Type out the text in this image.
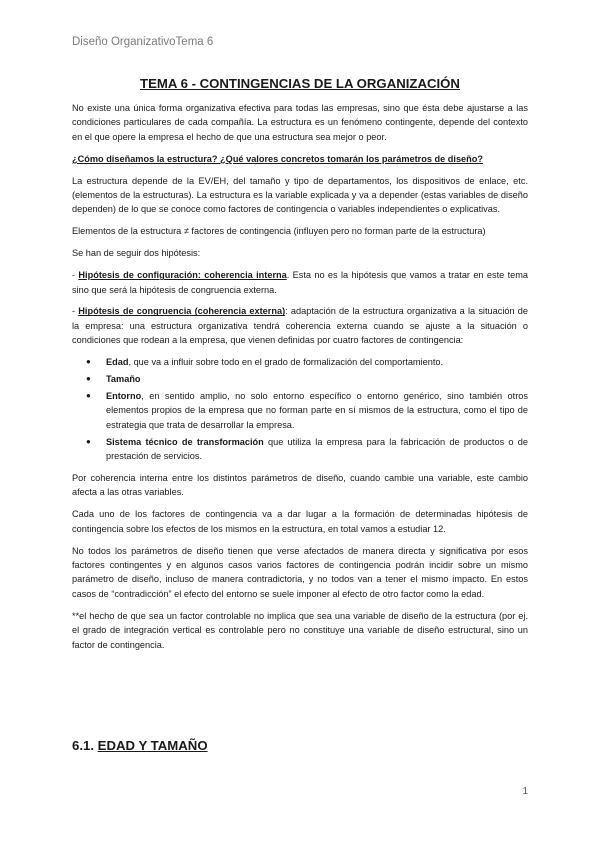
Diseño OrganizativoTema 6
TEMA 6 - CONTINGENCIAS DE LA ORGANIZACIÓN

No existe una única forma organizativa efectiva para todas las empresas, sino que ésta debe ajustarse a las condiciones particulares de cada compañía. La estructura es un fenómeno contingente, depende del contexto en el que opere la empresa el hecho de que una estructura sea mejor o peor.

¿Cómo diseñamos la estructura? ¿Qué valores concretos tomarán los parámetros de diseño?

La estructura depende de la EV/EH, del tamaño y tipo de departamentos, los dispositivos de enlace, etc. (elementos de la estructuras). La estructura es la variable explicada y va a depender (estas variables de diseño dependen) de lo que se conoce como factores de contingencia o variables independientes o explicativas.

Elementos de la estructura ≠ factores de contingencia (influyen pero no forman parte de la estructura)

Se han de seguir dos hipótesis:

- Hipótesis de configuración: coherencia interna. Esta no es la hipótesis que vamos a tratar en este tema sino que será la hipótesis de congruencia externa.

- Hipótesis de congruencia (coherencia externa): adaptación de la estructura organizativa a la situación de la empresa: una estructura organizativa tendrá coherencia externa cuando se ajuste a la situación o condiciones que rodean a la empresa, que vienen definidas por cuatro factores de contingencia:

● Edad, que va a influir sobre todo en el grado de formalización del comportamiento.
● Tamaño
● Entorno, en sentido amplio, no solo entorno específico o entorno genérico, sino también otros elementos propios de la empresa que no forman parte en sí mismos de la estructura, como el tipo de estrategia que trata de desarrollar la empresa.
● Sistema técnico de transformación que utiliza la empresa para la fabricación de productos o de prestación de servicios.

Por coherencia interna entre los distintos parámetros de diseño, cuando cambie una variable, este cambio afecta a las otras variables.

Cada uno de los factores de contingencia va a dar lugar a la formación de determinadas hipótesis de contingencia sobre los efectos de los mismos en la estructura, en total vamos a estudiar 12.

No todos los parámetros de diseño tienen que verse afectados de manera directa y significativa por esos factores contingentes y en algunos casos varios factores de contingencia podrán incidir sobre un mismo parámetro de diseño, incluso de manera contradictoria, y no todos van a tener el mismo impacto. En estos casos de “contradicción” el efecto del entorno se suele imponer al efecto de otro factor como la edad.

**el hecho de que sea un factor controlable no implica que sea una variable de diseño de la estructura (por ej. el grado de integración vertical es controlable pero no constituye una variable de diseño estructural, sino un factor de contingencia.

6.1. EDAD Y TAMAÑO
1
